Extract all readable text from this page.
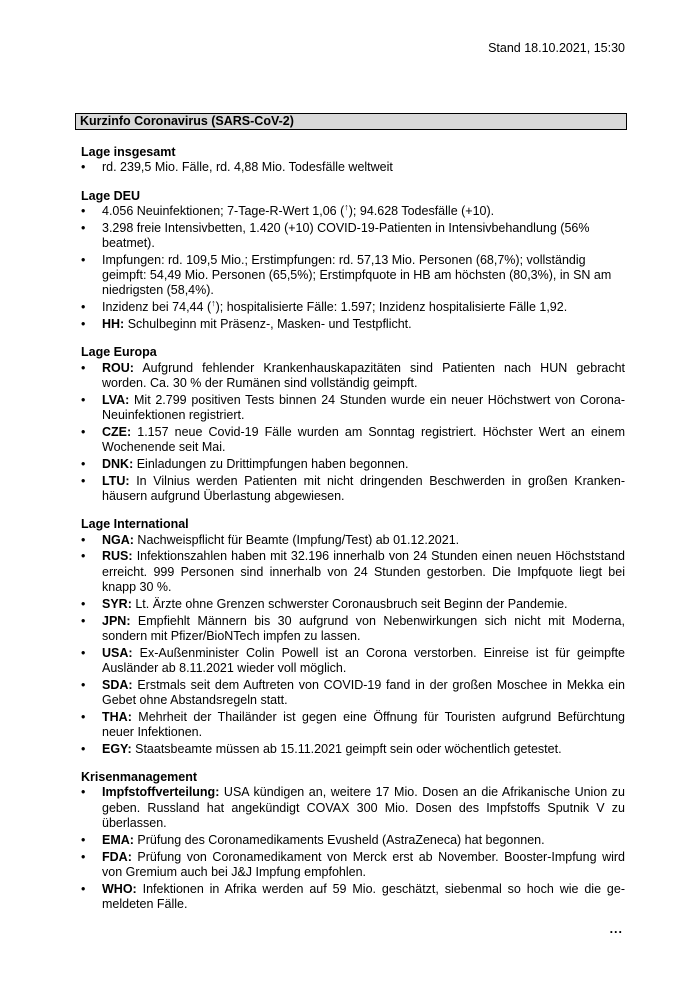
Stand 18.10.2021, 15:30
Kurzinfo Coronavirus (SARS-CoV-2)

Lage insgesamt

• rd. 239,5 Mio. Fälle, rd. 4,88 Mio. Todesfälle weltweit

Lage DEU

• 4.056 Neuinfektionen; 7-Tage-R-Wert 1,06 (↑); 94.628 Todesfälle (+10).
• 3.298 freie Intensivbetten, 1.420 (+10) COVID-19-Patienten in Intensivbehandlung (56% beatmet).
• Impfungen: rd. 109,5 Mio.; Erstimpfungen: rd. 57,13 Mio. Personen (68,7%); vollständig geimpft: 54,49 Mio. Personen (65,5%); Erstimpfquote in HB am höchsten (80,3%), in SN am niedrigsten (58,4%).
• Inzidenz bei 74,44 (↑); hospitalisierte Fälle: 1.597; Inzidenz hospitalisierte Fälle 1,92.
• HH: Schulbeginn mit Präsenz-, Masken- und Testpflicht.

Lage Europa

• ROU: Aufgrund fehlender Krankenhauskapazitäten sind Patienten nach HUN gebracht worden. Ca. 30 % der Rumänen sind vollständig geimpft.
• LVA: Mit 2.799 positiven Tests binnen 24 Stunden wurde ein neuer Höchstwert von Corona-Neuinfektionen registriert.
• CZE: 1.157 neue Covid-19 Fälle wurden am Sonntag registriert. Höchster Wert an einem Wochenende seit Mai.
• DNK: Einladungen zu Drittimpfungen haben begonnen.
• LTU: In Vilnius werden Patienten mit nicht dringenden Beschwerden in großen Krankenhäusern aufgrund Überlastung abgewiesen.

Lage International

• NGA: Nachweispflicht für Beamte (Impfung/Test) ab 01.12.2021.
• RUS: Infektionszahlen haben mit 32.196 innerhalb von 24 Stunden einen neuen Höchststand erreicht. 999 Personen sind innerhalb von 24 Stunden gestorben. Die Impfquote liegt bei knapp 30 %.
• SYR: Lt. Ärzte ohne Grenzen schwerster Coronausbruch seit Beginn der Pandemie.
• JPN: Empfiehlt Männern bis 30 aufgrund von Nebenwirkungen sich nicht mit Moderna, sondern mit Pfizer/BioNTech impfen zu lassen.
• USA: Ex-Außenminister Colin Powell ist an Corona verstorben. Einreise ist für geimpfte Ausländer ab 8.11.2021 wieder voll möglich.
• SDA: Erstmals seit dem Auftreten von COVID-19 fand in der großen Moschee in Mekka ein Gebet ohne Abstandsregeln statt.
• THA: Mehrheit der Thailänder ist gegen eine Öffnung für Touristen aufgrund Befürchtung neuer Infektionen.
• EGY: Staatsbeamte müssen ab 15.11.2021 geimpft sein oder wöchentlich getestet.

Krisenmanagement

• Impfstoffverteilung: USA kündigen an, weitere 17 Mio. Dosen an die Afrikanische Union zu geben. Russland hat angekündigt COVAX 300 Mio. Dosen des Impfstoffs Sputnik V zu überlassen.
• EMA: Prüfung des Coronamedikaments Evusheld (AstraZeneca) hat begonnen.
• FDA: Prüfung von Coronamedikament von Merck erst ab November. Booster-Impfung wird von Gremium auch bei J&J Impfung empfohlen.
• WHO: Infektionen in Afrika werden auf 59 Mio. geschätzt, siebenmal so hoch wie die gemeldeten Fälle.
...
